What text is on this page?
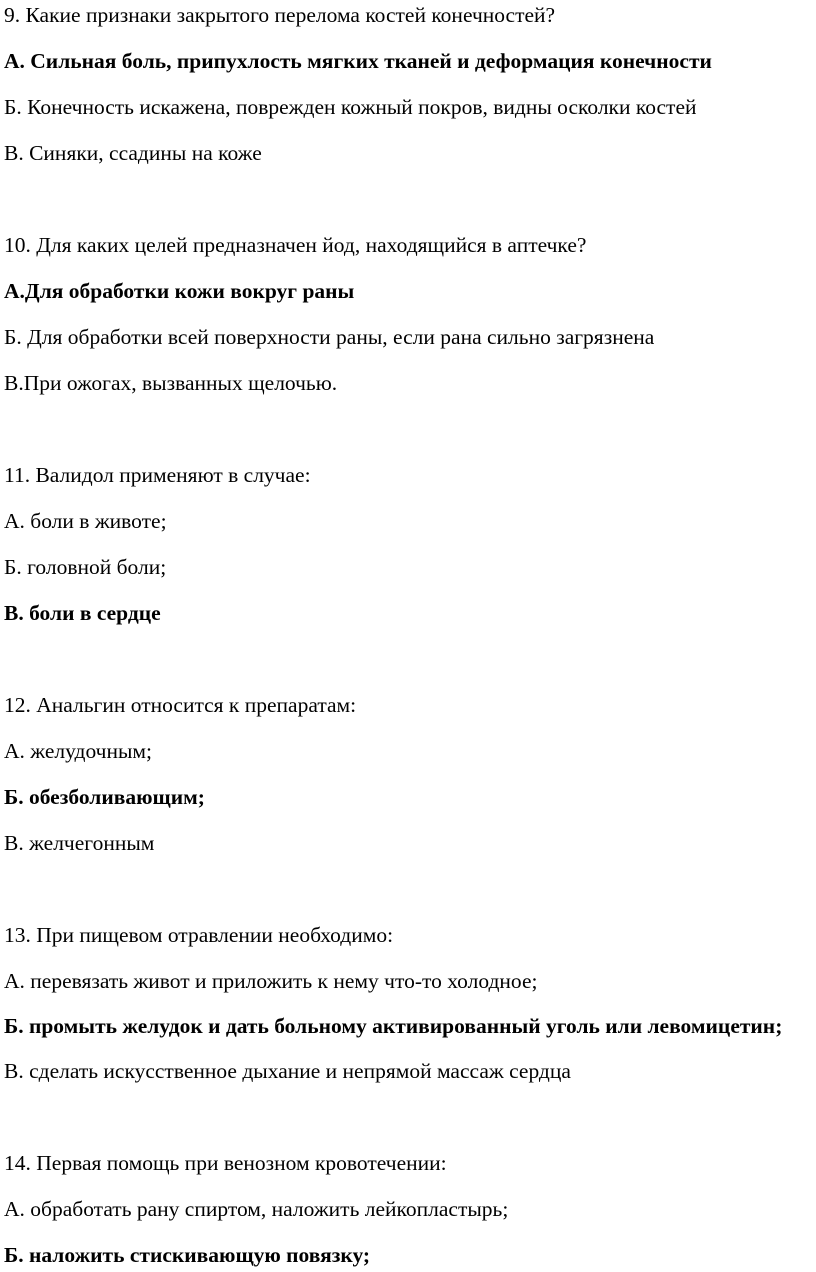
9. Какие признаки закрытого перелома костей конечностей?

А. Сильная боль, припухлость мягких тканей и деформация конечности

Б. Конечность искажена, поврежден кожный покров, видны осколки костей

В. Синяки, ссадины на коже

10. Для каких целей предназначен йод, находящийся в аптечке?

А.Для обработки кожи вокруг раны

Б. Для обработки всей поверхности раны, если рана сильно загрязнена

В.При ожогах, вызванных щелочью.

11. Валидол применяют в случае:

А. боли в животе;

Б. головной боли;

В. боли в сердце

12. Анальгин относится к препаратам:

А. желудочным;

Б. обезболивающим;

В. желчегонным

13. При пищевом отравлении необходимо:

А. перевязать живот и приложить к нему что-то холодное;

Б. промыть желудок и дать больному активированный уголь или левомицетин;

В. сделать искусственное дыхание и непрямой массаж сердца

14. Первая помощь при венозном кровотечении:

А. обработать рану спиртом, наложить лейкопластырь;

Б. наложить стискивающую повязку;
